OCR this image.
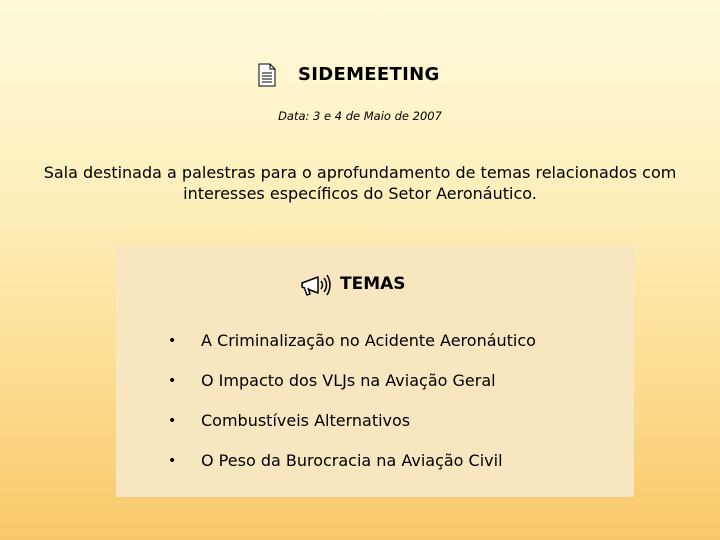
SIDEMEETING
Data: 3 e 4 de Maio de 2007
Sala destinada a palestras para o aprofundamento de temas relacionados com interesses específicos do Setor Aeronáutico.
TEMAS
• A Criminalização no Acidente Aeronáutico
• O Impacto dos VLJs na Aviação Geral
• Combustíveis Alternativos
• O Peso da Burocracia na Aviação Civil
